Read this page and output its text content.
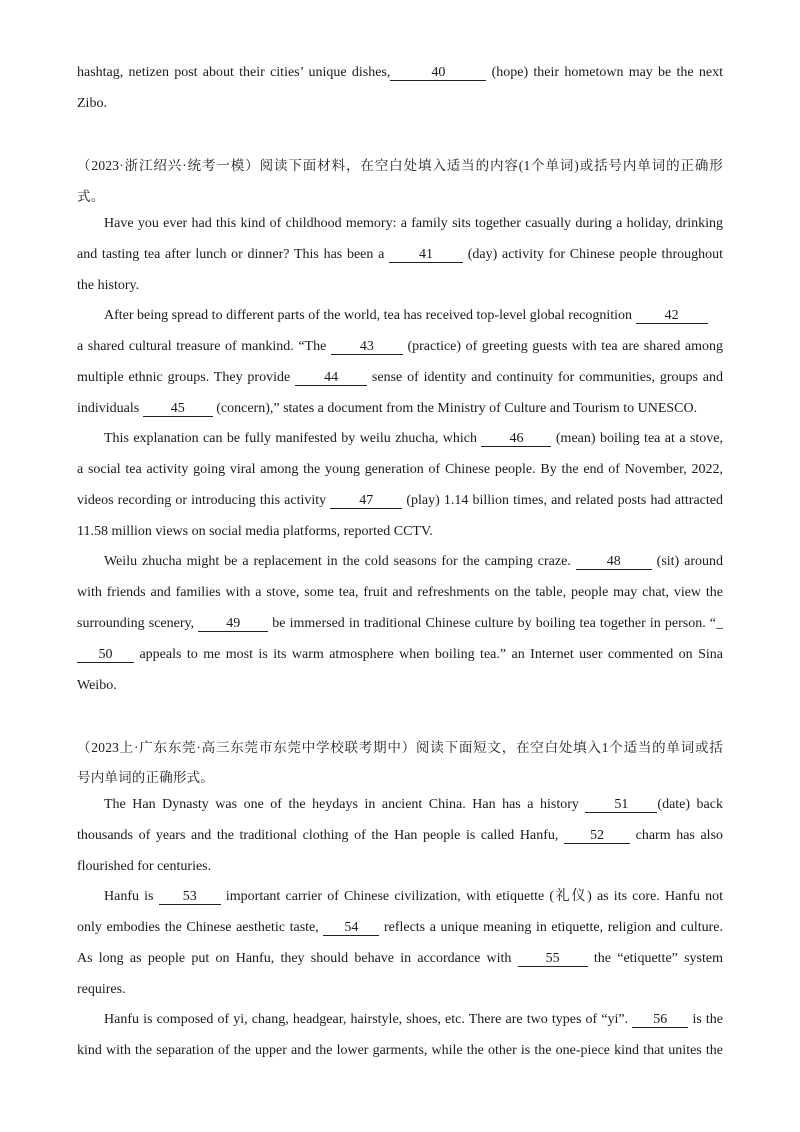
hashtag, netizen post about their cities’ unique dishes,	40	(hope) their hometown may be the next
Zibo.
（2023·浙江绍兴·统考一模）阅读下面材料，在空白处填入适当的内容(1个单词)或括号内单词的正确形
式。
Have you ever had this kind of childhood memory: a family sits together casually during a holiday, drinking
and tasting tea after lunch or dinner? This has been a 41 (day) activity for Chinese people throughout
the history.
After being spread to different parts of the world, tea has received top-level global recognition 42
a shared cultural treasure of mankind. “The 43 (practice) of greeting guests with tea are shared among
multiple ethnic groups. They provide 44 sense of identity and continuity for communities, groups and
individuals 45 (concern),” states a document from the Ministry of Culture and Tourism to UNESCO.
This explanation can be fully manifested by weilu zhucha, which 46 (mean) boiling tea at a stove,
a social tea activity going viral among the young generation of Chinese people. By the end of November, 2022,
videos recording or introducing this activity 47 (play) 1.14 billion times, and related posts had attracted
11.58 million views on social media platforms, reported CCTV.
Weilu zhucha might be a replacement in the cold seasons for the camping craze.	48	(sit) around
with friends and families with a stove, some tea, fruit and refreshments on the table, people may chat, view the
surrounding scenery, 49 be immersed in traditional Chinese culture by boiling tea together in person. “_
50 appeals to me most is its warm atmosphere when boiling tea.” an Internet user commented on Sina
Weibo.
（2023上·广东东莞·高三东莞市东莞中学校联考期中）阅读下面短文，在空白处填入1个适当的单词或括
号内单词的正确形式。
The Han Dynasty was one of the heydays in ancient China. Han has a history	51 (date) back
thousands of years and the traditional clothing of the Han people is called Hanfu, 52 charm has also
flourished for centuries.
Hanfu is 53 important carrier of Chinese civilization, with etiquette (礼仪) as its core. Hanfu not
only embodies the Chinese aesthetic taste, 54 reflects a unique meaning in etiquette, religion and culture.
As long as people put on Hanfu, they should behave in accordance with 55 the “etiquette” system
requires.
Hanfu is composed of yi, chang, headgear, hairstyle, shoes, etc. There are two types of “yi”. 56 is the
kind with the separation of the upper and the lower garments, while the other is the one-piece kind that unites the
